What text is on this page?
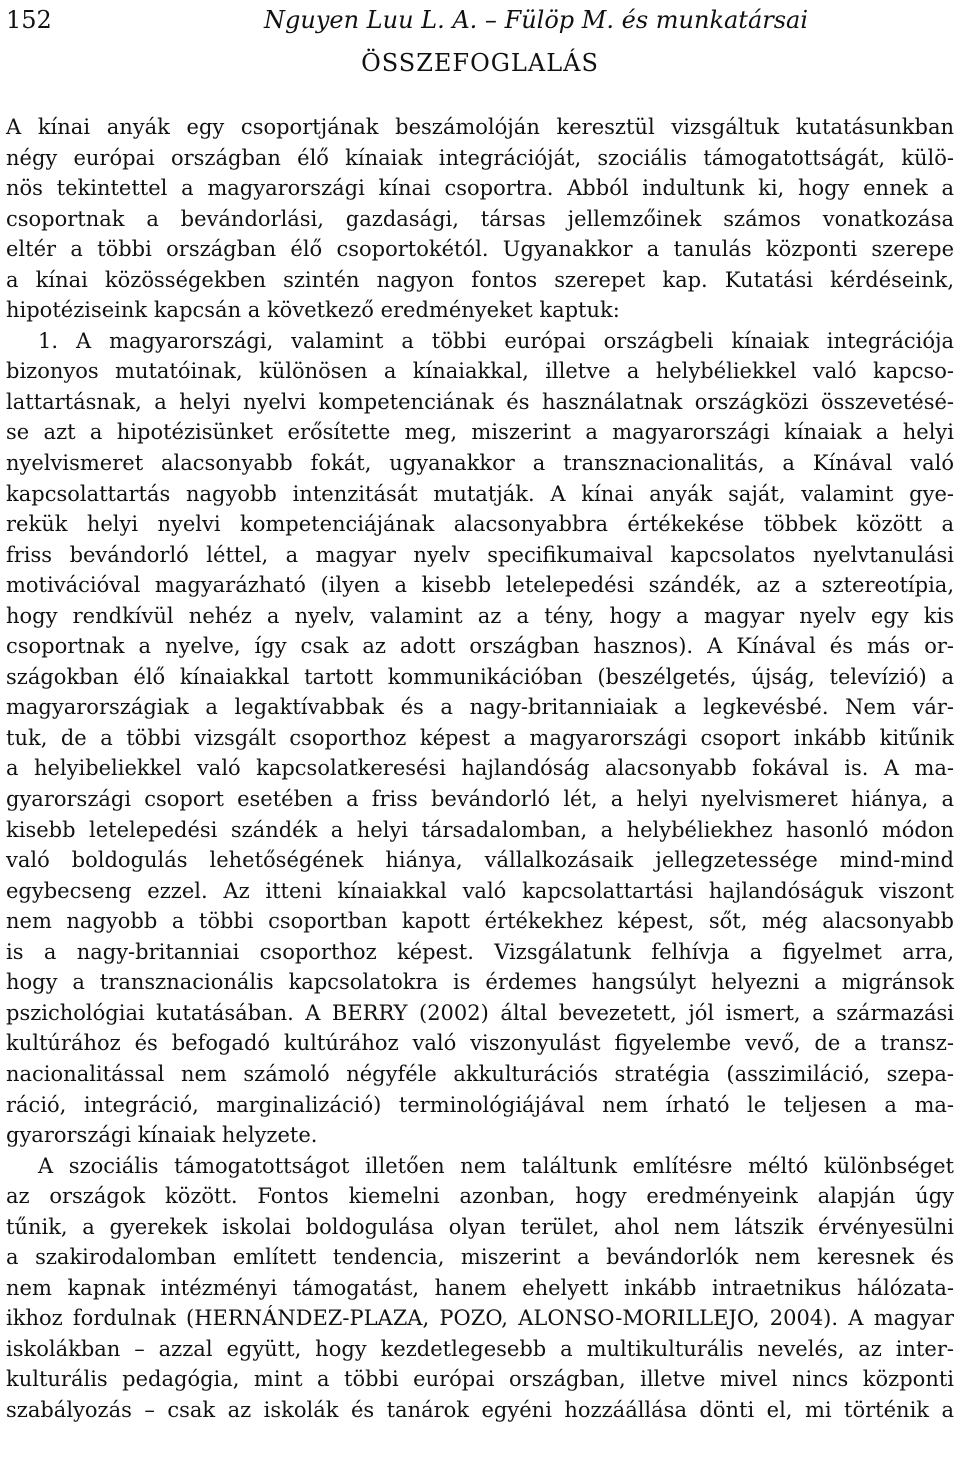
152	Nguyen Luu L. A. – Fülöp M. és munkatársai
ÖSSZEFOGLALÁS
A kínai anyák egy csoportjának beszámolóján keresztül vizsgáltuk kutatásunkban
négy európai országban élő kínaiak integrációját, szociális támogatottságát, külö-
nös tekintettel a magyarországi kínai csoportra. Abból indultunk ki, hogy ennek a
csoportnak a bevándorlási, gazdasági, társas jellemzőinek számos vonatkozása
eltér a többi országban élő csoportokétól. Ugyanakkor a tanulás központi szerepe
a kínai közösségekben szintén nagyon fontos szerepet kap. Kutatási kérdéseink,
hipotéziseink kapcsán a következő eredményeket kaptuk:
1. A magyarországi, valamint a többi európai országbeli kínaiak integrációja
bizonyos mutatóinak, különösen a kínaiakkal, illetve a helybéliekkel való kapcso-
lattartásnak, a helyi nyelvi kompetenciának és használatnak országközi összevetésé-
se azt a hipotézisünket erősítette meg, miszerint a magyarországi kínaiak a helyi
nyelvismeret alacsonyabb fokát, ugyanakkor a transznacionalitás, a Kínával való
kapcsolattartás nagyobb intenzitását mutatják. A kínai anyák saját, valamint gye-
rekük helyi nyelvi kompetenciájának alacsonyabbra értékekése többek között a
friss bevándorló léttel, a magyar nyelv specifikumaival kapcsolatos nyelvtanulási
motivációval magyarázható (ilyen a kisebb letelepedési szándék, az a sztereotípia,
hogy rendkívül nehéz a nyelv, valamint az a tény, hogy a magyar nyelv egy kis
csoportnak a nyelve, így csak az adott országban hasznos). A Kínával és más or-
szágokban élő kínaiakkal tartott kommunikációban (beszélgetés, újság, televízió) a
magyarországiak a legaktívabbak és a nagy-britanniaiak a legkevésbé. Nem vár-
tuk, de a többi vizsgált csoporthoz képest a magyarországi csoport inkább kitűnik
a helyibeliekkel való kapcsolatkeresési hajlandóság alacsonyabb fokával is. A ma-
gyarországi csoport esetében a friss bevándorló lét, a helyi nyelvismeret hiánya, a
kisebb letelepedési szándék a helyi társadalomban, a helybéliekhez hasonló módon
való boldogulás lehetőségének hiánya, vállalkozásaik jellegzetessége mind-mind
egybecseng ezzel. Az itteni kínaiakkal való kapcsolattartási hajlandóságuk viszont
nem nagyobb a többi csoportban kapott értékekhez képest, sőt, még alacsonyabb
is a nagy-britanniai csoporthoz képest. Vizsgálatunk felhívja a figyelmet arra,
hogy a transznacionális kapcsolatokra is érdemes hangsúlyt helyezni a migránsok
pszichológiai kutatásában. A BERRY (2002) által bevezetett, jól ismert, a származási
kultúrához és befogadó kultúrához való viszonyulást figyelembe vevő, de a transz-
nacionalitással nem számoló négyféle akkulturációs stratégia (asszimiláció, szepa-
ráció, integráció, marginalizáció) terminológiájával nem írható le teljesen a ma-
gyarországi kínaiak helyzete.
A szociális támogatottságot illetően nem találtunk említésre méltó különbséget
az országok között. Fontos kiemelni azonban, hogy eredményeink alapján úgy
tűnik, a gyerekek iskolai boldogulása olyan terület, ahol nem látszik érvényesülni
a szakirodalomban említett tendencia, miszerint a bevándorlók nem keresnek és
nem kapnak intézményi támogatást, hanem ehelyett inkább intraetnikus hálózata-
ikhoz fordulnak (HERNÁNDEZ-PLAZA, POZO, ALONSO-MORILLEJO, 2004). A magyar
iskolákban – azzal együtt, hogy kezdetlegesebb a multikulturális nevelés, az inter-
kulturális pedagógia, mint a többi európai országban, illetve mivel nincs központi
szabályozás – csak az iskolák és tanárok egyéni hozzáállása dönti el, mi történik a
